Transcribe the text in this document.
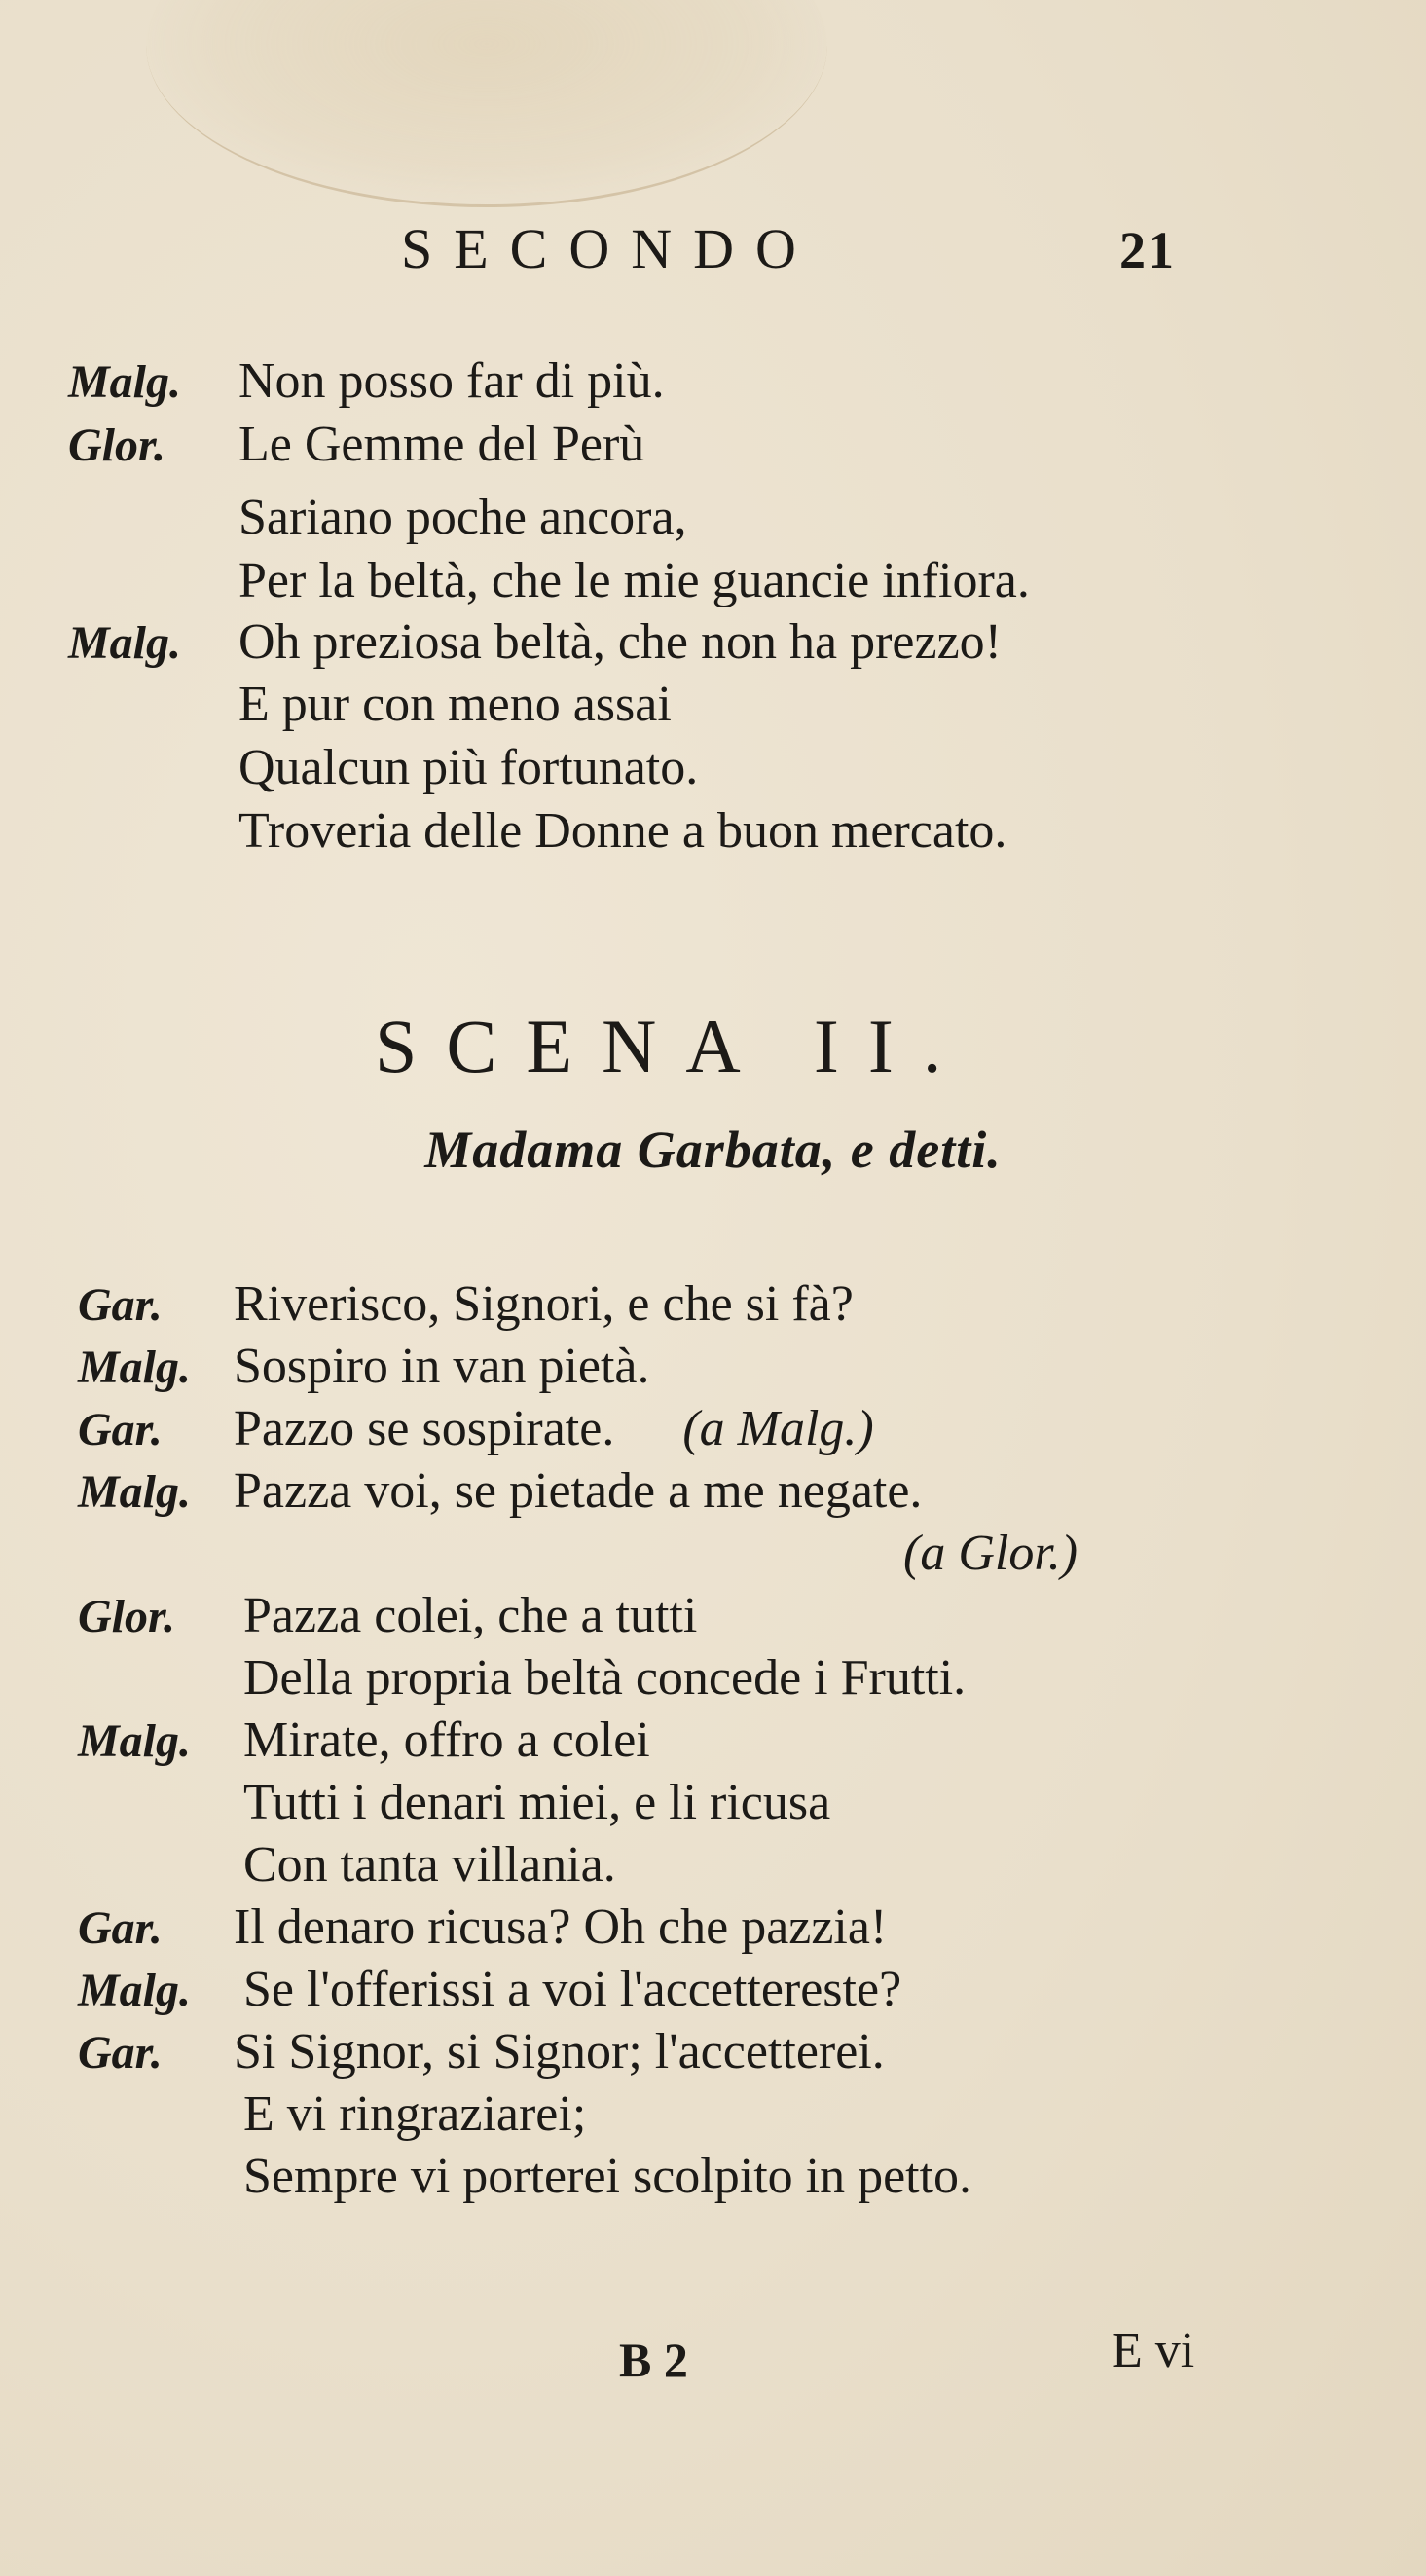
SECONDO	21
Malg. Non posso far di più.
Glor. Le Gemme del Perù
Sariano poche ancora,
Per la beltà, che le mie guancie infiora.
Malg. Oh preziosa beltà, che non ha prezzo!
E pur con meno assai
Qualcun più fortunato.
Troveria delle Donne a buon mercato.
SCENA II.
Madama Garbata, e detti.
Gar. Riverisco, Signori, e che si fà?
Malg. Sospiro in van pietà.
Gar. Pazzo se sospirate. (a Malg.)
Malg. Pazza voi, se pietade a me negate.
(a Glor.)
Glor. Pazza colei, che a tutti
Della propria beltà concede i Frutti.
Malg. Mirate, offro a colei
Tutti i denari miei, e li ricusa
Con tanta villania.
Gar. Il denaro ricusa? Oh che pazzia!
Malg. Se l'offerissi a voi l'accettereste?
Gar. Si Signor, si Signor; l'accetterei.
E vi ringraziarei;
Sempre vi porterei scolpito in petto.
B 2	E vi
